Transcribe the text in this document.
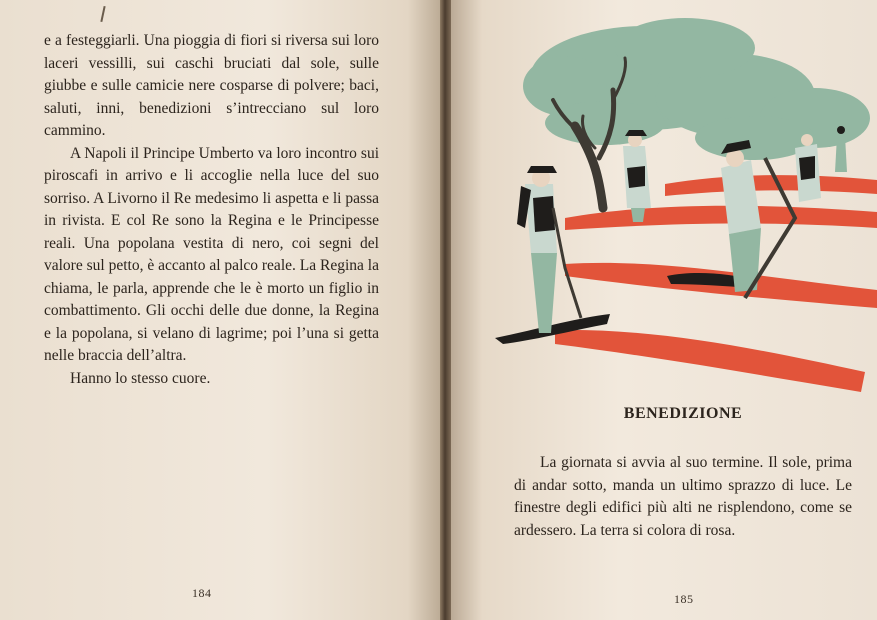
e a festeggiarli. Una pioggia di fiori si riversa sui loro laceri vessilli, sui caschi bruciati dal sole, sulle giubbe e sulle camicie nere cosparse di polvere; baci, saluti, inni, benedizioni s’intrecciano sul loro cammino.

A Napoli il Principe Umberto va loro incontro sui piroscafi in arrivo e li accoglie nella luce del suo sorriso. A Livorno il Re medesimo li aspetta e li passa in rivista. E col Re sono la Regina e le Principesse reali. Una popolana vestita di nero, coi segni del valore sul petto, è accanto al palco reale. La Regina la chiama, le parla, apprende che le è morto un figlio in combattimento. Gli occhi delle due donne, la Regina e la popolana, si velano di lagrime; poi l’una si getta nelle braccia dell’altra.

Hanno lo stesso cuore.

184
BENEDIZIONE

La giornata si avvia al suo termine. Il sole, prima di andar sotto, manda un ultimo sprazzo di luce. Le finestre degli edifici più alti ne risplendono, come se ardessero. La terra si colora di rosa.

185
